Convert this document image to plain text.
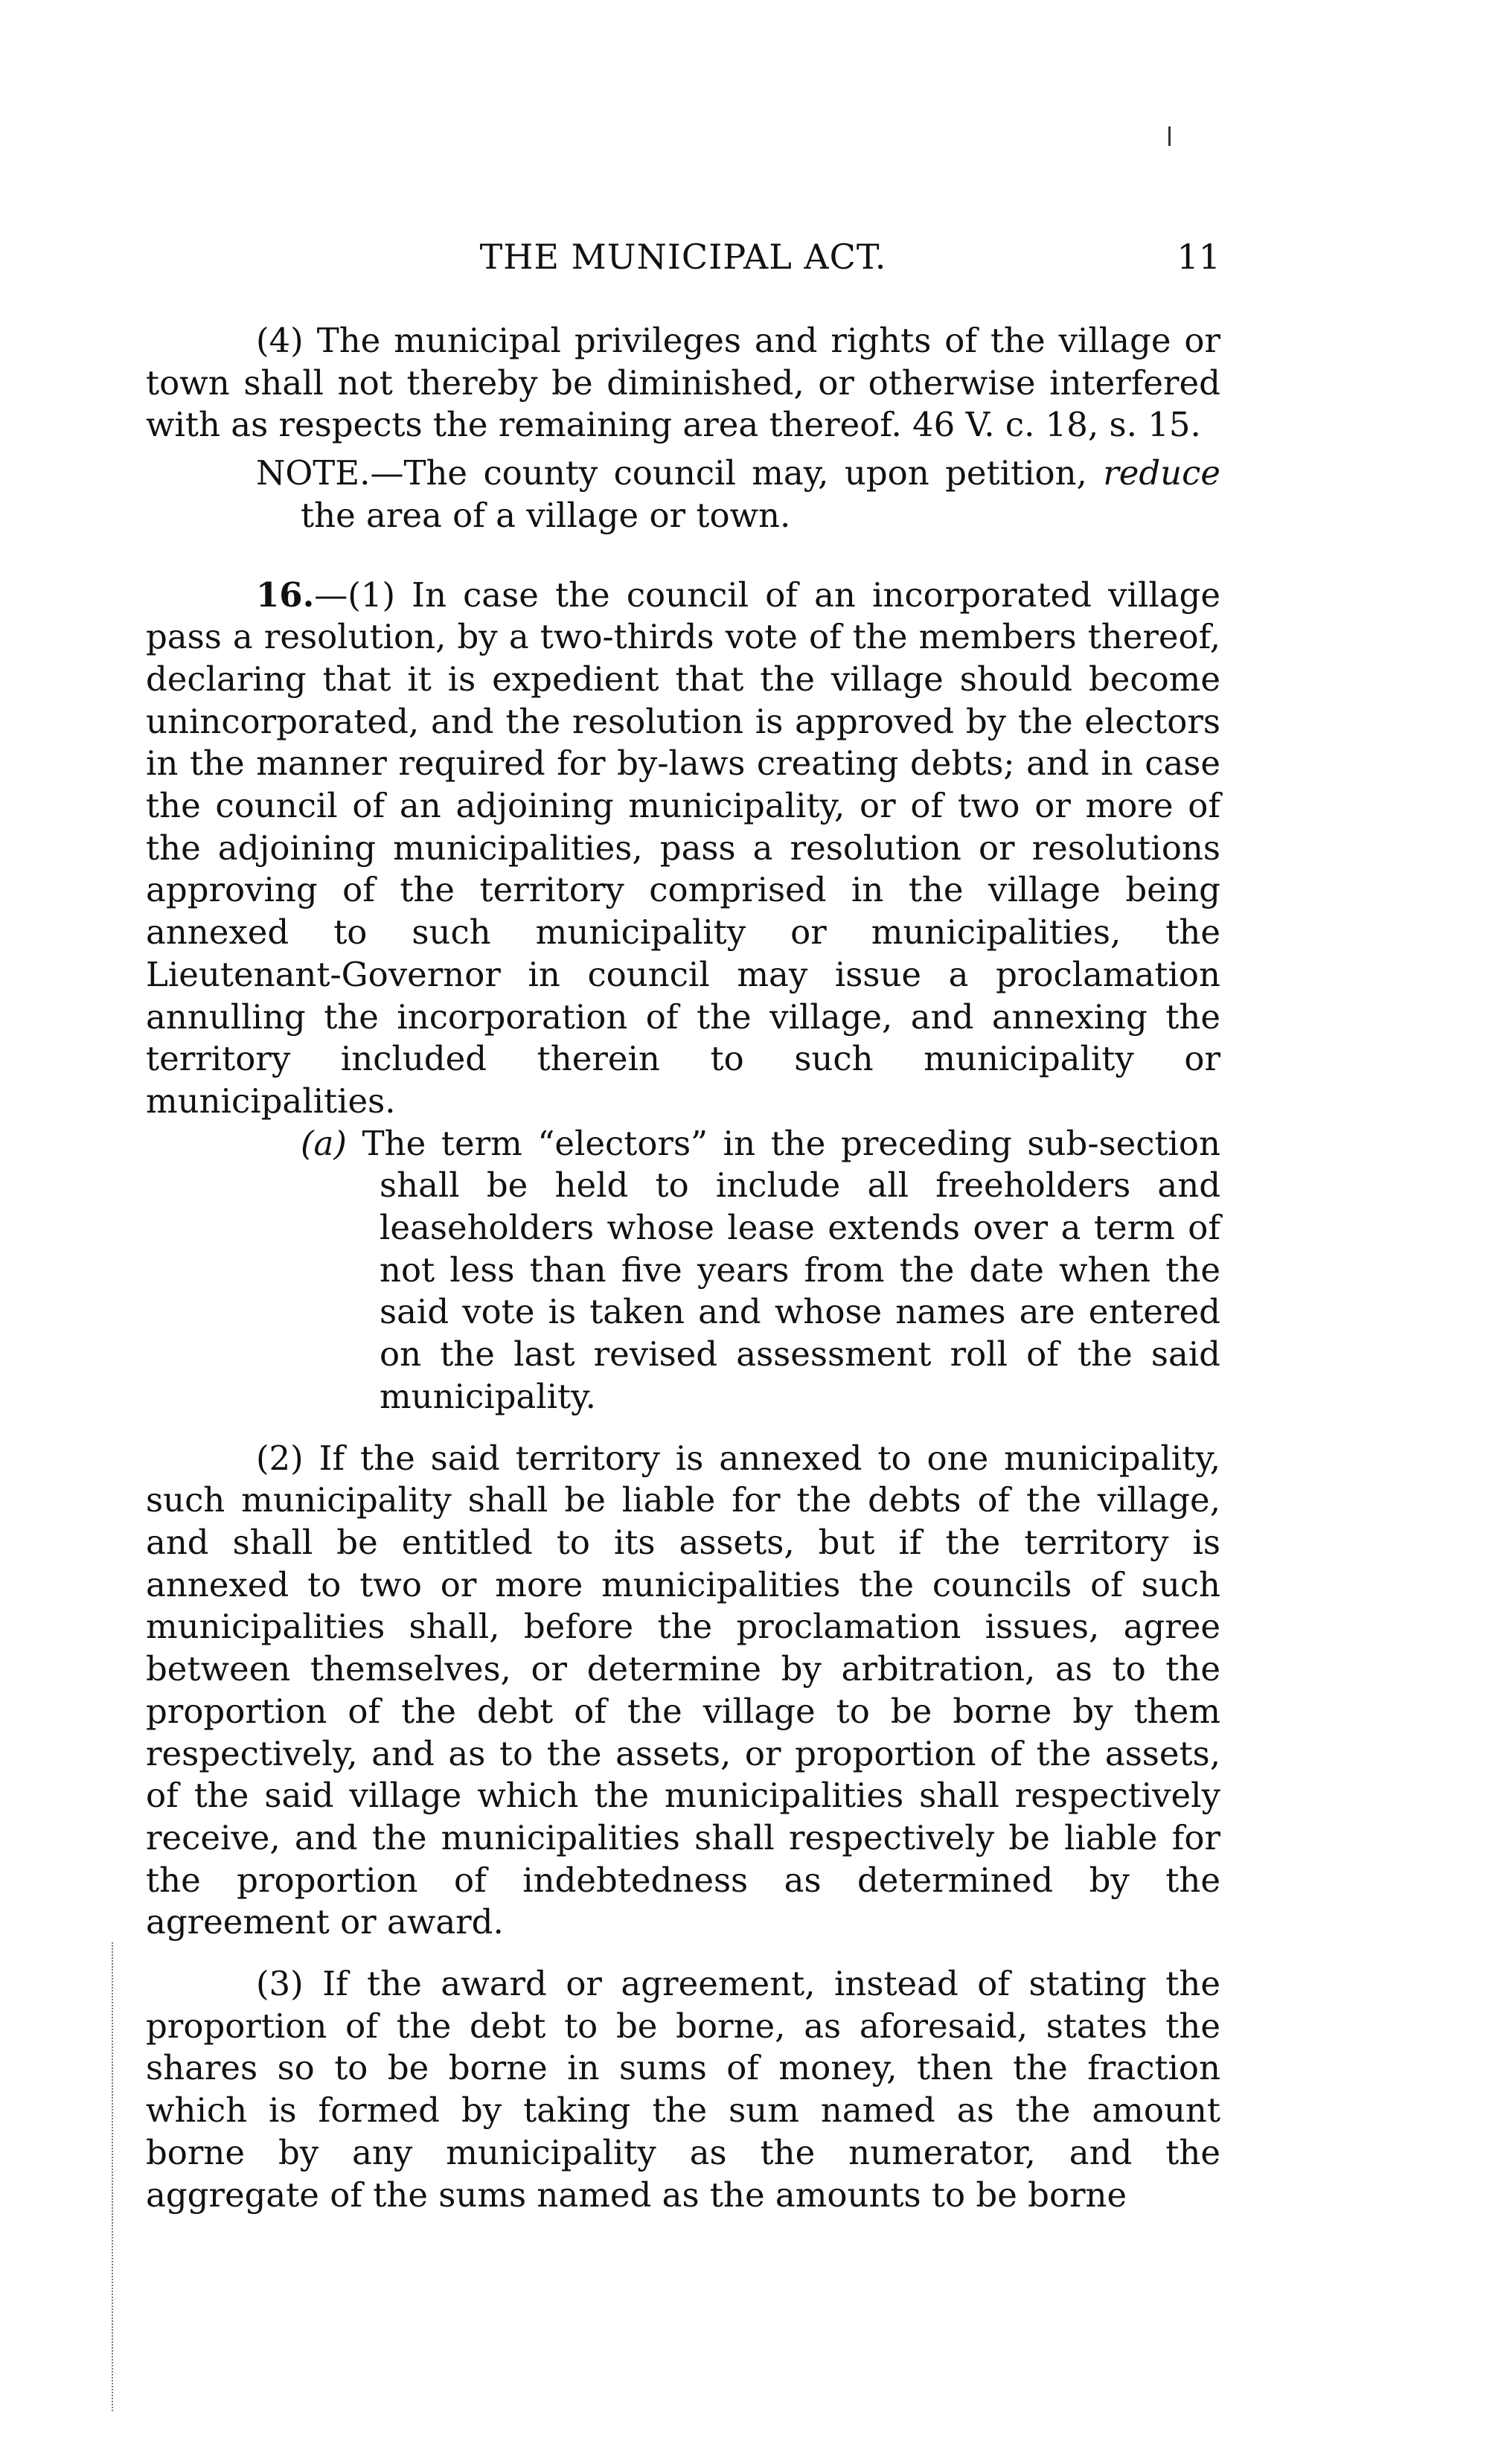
THE MUNICIPAL ACT.	11

(4) The municipal privileges and rights of the village or town shall not thereby be diminished, or otherwise interfered with as respects the remaining area thereof. 46 V. c. 18, s. 15.

NOTE.—The county council may, upon petition, reduce the area of a village or town.

16.—(1) In case the council of an incorporated village pass a resolution, by a two-thirds vote of the members thereof, declaring that it is expedient that the village should become unincorporated, and the resolution is approved by the electors in the manner required for by-laws creating debts; and in case the council of an adjoining municipality, or of two or more of the adjoining municipalities, pass a resolution or resolutions approving of the territory comprised in the village being annexed to such municipality or municipalities, the Lieutenant-Governor in council may issue a proclamation annulling the incorporation of the village, and annexing the territory included therein to such municipality or municipalities.

(a) The term “electors” in the preceding sub-section shall be held to include all freeholders and leaseholders whose lease extends over a term of not less than five years from the date when the said vote is taken and whose names are entered on the last revised assessment roll of the said municipality.

(2) If the said territory is annexed to one municipality, such municipality shall be liable for the debts of the village, and shall be entitled to its assets, but if the territory is annexed to two or more municipalities the councils of such municipalities shall, before the proclamation issues, agree between themselves, or determine by arbitration, as to the proportion of the debt of the village to be borne by them respectively, and as to the assets, or proportion of the assets, of the said village which the municipalities shall respectively receive, and the municipalities shall respectively be liable for the proportion of indebtedness as determined by the agreement or award.

(3) If the award or agreement, instead of stating the proportion of the debt to be borne, as aforesaid, states the shares so to be borne in sums of money, then the fraction which is formed by taking the sum named as the amount borne by any municipality as the numerator, and the aggregate of the sums named as the amounts to be borne
